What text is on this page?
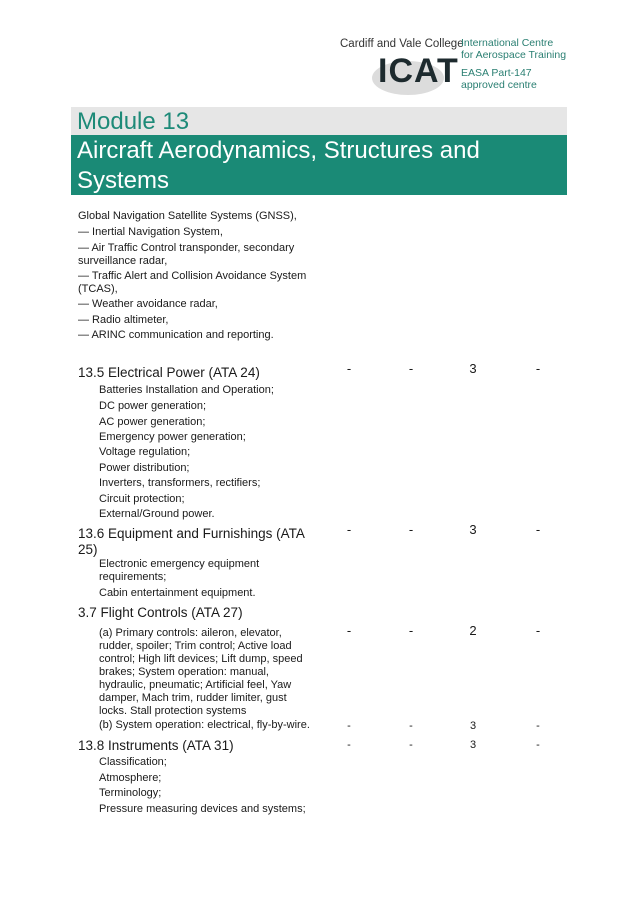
Cardiff and Vale College
International Centre
for Aerospace Training
ICAT EASA Part-147
approved centre
Module 13
Aircraft Aerodynamics, Structures and Systems
Global Navigation Satellite Systems (GNSS),
— Inertial Navigation System,
— Air Traffic Control transponder, secondary surveillance radar,
— Traffic Alert and Collision Avoidance System (TCAS),
— Weather avoidance radar,
— Radio altimeter,
— ARINC communication and reporting.
13.5 Electrical Power (ATA 24)	-	-	3	-
Batteries Installation and Operation;
DC power generation;
AC power generation;
Emergency power generation;
Voltage regulation;
Power distribution;
Inverters, transformers, rectifiers;
Circuit protection;
External/Ground power.
13.6 Equipment and Furnishings (ATA 25)
-	-	3	-
Electronic emergency equipment requirements;
Cabin entertainment equipment.
3.7 Flight Controls (ATA 27)
(a) Primary controls: aileron, elevator, rudder, spoiler; Trim control; Active load control; High lift devices; Lift dump, speed brakes; System operation: manual, hydraulic, pneumatic; Artificial feel, Yaw damper, Mach trim, rudder limiter, gust locks. Stall protection systems
-	-	2	-
(b) System operation: electrical, fly-by-wire.	-	-	3	-
13.8 Instruments (ATA 31)	-	-	3	-
Classification;
Atmosphere;
Terminology;
Pressure measuring devices and systems;
